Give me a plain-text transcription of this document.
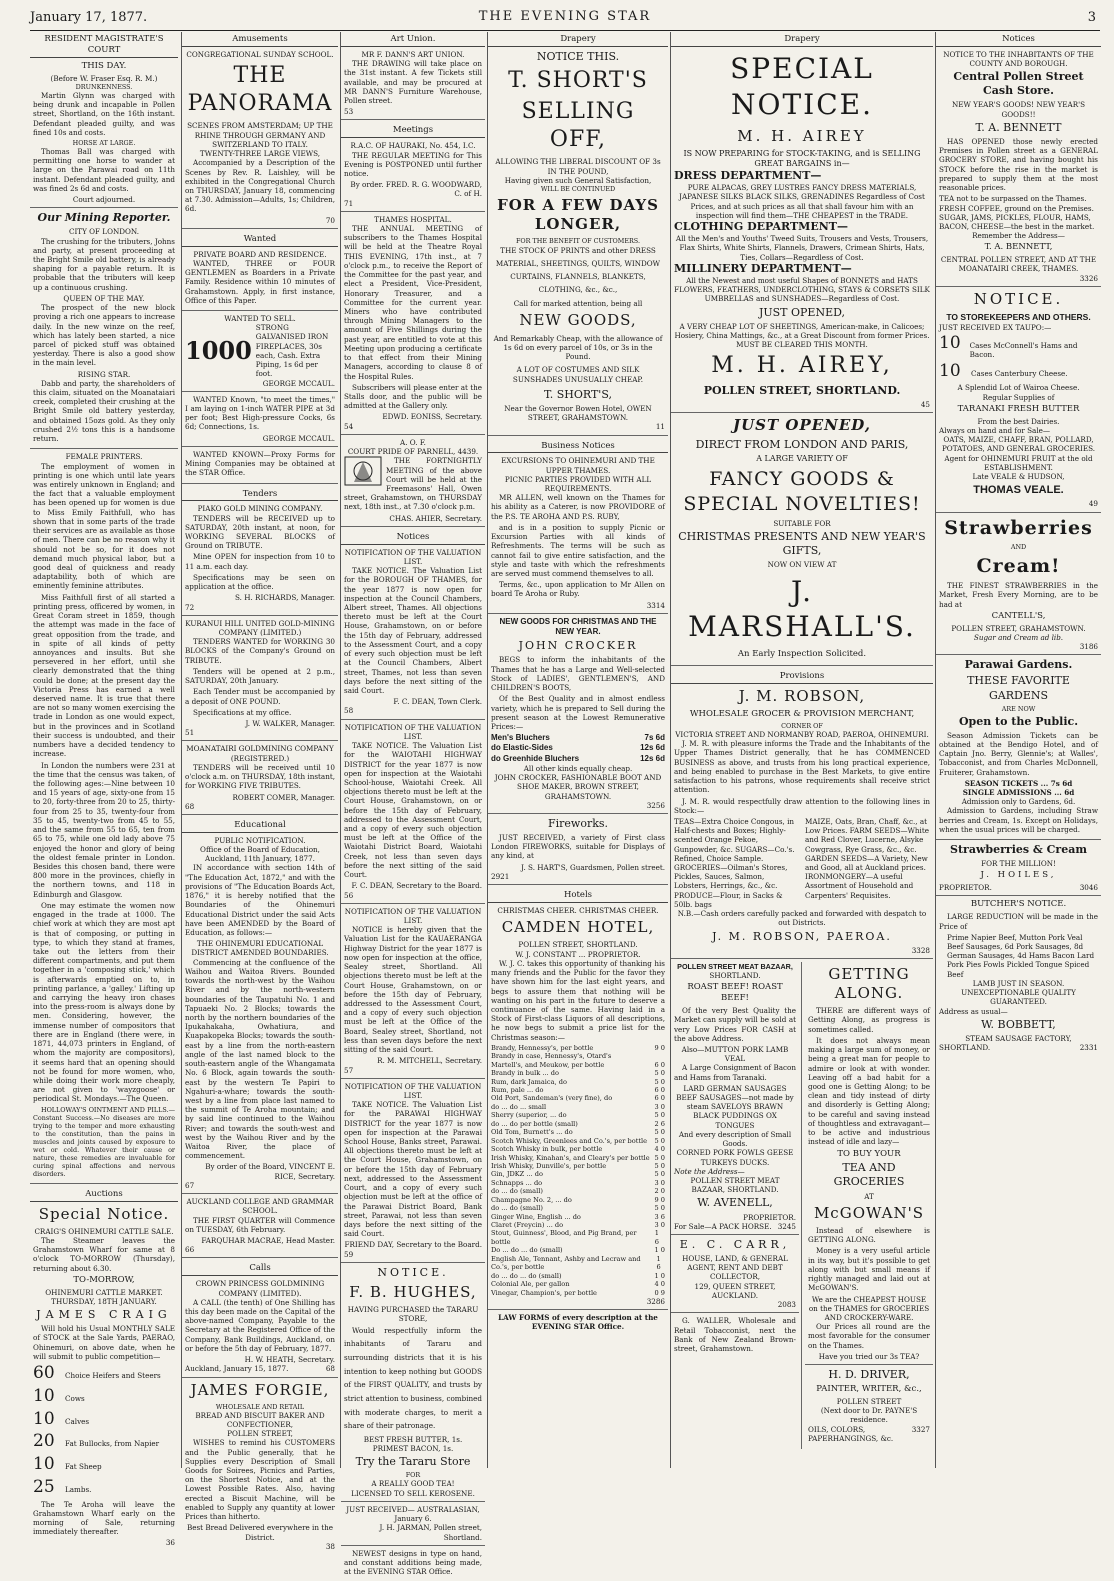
January 17, 1877.	THE EVENING STAR	3
RESIDENT MAGISTRATE'S COURT
THIS DAY.
(Before W. Fraser Esq. R. M.)
DRUNKENNESS.

Martin Glynn was charged with being drunk and incapable in Pollen street, Shortland, on the 16th instant. Defendant pleaded guilty, and was fined 10s and costs.

HORSE AT LARGE.

Thomas Ball was charged with permitting one horse to wander at large on the Parawai road on 11th instant. Defendant pleaded guilty, and was fined 2s 6d and costs.

Court adjourned.
Our Mining Reporter.
CITY OF LONDON.

The crushing for the tributers, Johns and party, at present proceeding at the Bright Smile old battery, is already shaping for a payable return. It is probable that the tributers will keep up a continuous crushing.

QUEEN OF THE MAY.

The prospect of the new block proving a rich one appears to increase daily. In the new winze on the reef, which has lately been started, a nice parcel of picked stuff was obtained yesterday. There is also a good show in the main level.

RISING STAR.

Dabb and party, the shareholders of this claim, situated on the Moanataiari creek, completed their crushing at the Bright Smile old battery yesterday, and obtained 15ozs gold. As they only crushed 2½ tons this is a handsome return.

FEMALE PRINTERS.

The employment of women in printing is one which until late years was entirely unknown in England; and the fact that a valuable employment has been opened up for women is due to Miss Emily Faithfull, who has shown that in some parts of the trade their services are as available as those of men. There can be no reason why it should not be so, for it does not demand much physical labor, but a good deal of quickness and ready adaptability, both of which are eminently feminine attributes.

Miss Faithfull first of all started a printing press, officered by women, in Great Coram street in 1859, though the attempt was made in the face of great opposition from the trade, and in spite of all kinds of petty annoyances and insults. But she persevered in her effort, until she clearly demonstrated that the thing could be done; at the present day the Victoria Press has earned a well deserved name. It is true that there are not so many women exercising the trade in London as one would expect, but in the provinces and in Scotland their success is undoubted, and their numbers have a decided tendency to increase.

In London the numbers were 231 at the time that the census was taken, of the following ages:—Nine between 10 and 15 years of age, sixty-one from 15 to 20, forty-three from 20 to 25, thirty-four from 25 to 35, twenty-four from 35 to 45, twenty-two from 45 to 55, and the same from 55 to 65, ten from 65 to 75, while one old lady above 75 enjoyed the honor and glory of being the oldest female printer in London. Besides this chosen band, there were 800 more in the provinces, chiefly in the northern towns, and 118 in Edinburgh and Glasgow.

One may estimate the women now engaged in the trade at 1000. The chief work at which they are most apt is that of composing, or putting in type, to which they stand at frames, take out the letters from their different compartments, and put them together in a 'composing stick,' which is afterwards emptied on to, in printing parlance, a 'galley.' Lifting up and carrying the heavy iron chases into the press-room is always done by men. Considering, however, the immense number of compositors that there are in England (there were, in 1871, 44,073 printers in England, of whom the majority are compositors), it seems hard that an opening should not be found for more women, who, while doing their work more cheaply, are not given to 'wayzgoose' or periodical St. Mondays.—The Queen.

HOLLOWAY'S OINTMENT AND PILLS.—Constant Success.—No diseases are more trying to the temper and more exhausting to the constitution, than the pains in muscles and joints caused by exposure to wet or cold. Whatever their cause or nature, these remedies are invaluable for curing spinal affections and nervous disorders.

Auctions
Special Notice.
CRAIG'S OHINEMURI CATTLE SALE.

The Steamer leaves the Grahamstown Wharf for same at 8 o'clock TO-MORROW (Thursday), returning about 6.30.

TO-MORROW,
OHINEMURI CATTLE MARKET.
THURSDAY, 18TH JANUARY.
JAMES CRAIG

Will hold his Usual MONTHLY SALE of STOCK at the Sale Yards, PAERAO, Ohinemuri, on above date, when he will submit to public competition—

60	Choice Heifers and Steers
10	Cows
10	Calves
20	Fat Bullocks, from Napier
10	Fat Sheep
25	Lambs.

The Te Aroha will leave the Grahamstown Wharf early on the morning of Sale, returning immediately thereafter.

36
Amusements
CONGREGATIONAL SUNDAY SCHOOL.
THE PANORAMA
SCENES FROM AMSTERDAM; UP THE RHINE THROUGH GERMANY AND SWITZERLAND TO ITALY.
TWENTY-THREE LARGE VIEWS,

Accompanied by a Description of the Scenes by Rev. R. Laishley, will be exhibited in the Congregational Church on THURSDAY, January 18, commencing at 7.30. Admission—Adults, 1s; Children, 6d.

70
Wanted
PRIVATE BOARD AND RESIDENCE.

WANTED, THREE or FOUR GENTLEMEN as Boarders in a Private Family. Residence within 10 minutes of Grahamstown. Apply, in first instance, Office of this Paper.

WANTED TO SELL.
1000
STRONG GALVANISED IRON FIREPLACES, 30s each, Cash. Extra Piping, 1s 6d per foot.
GEORGE MCCAUL.

WANTED Known, "to meet the times," I am laying on 1-inch WATER PIPE at 3d per foot; Best High-pressure Cocks, 6s 6d; Connections, 1s.

GEORGE MCCAUL.

WANTED KNOWN—Proxy Forms for Mining Companies may be obtained at the STAR Office.

Tenders
PIAKO GOLD MINING COMPANY.

TENDERS will be RECEIVED up to SATURDAY, 20th instant, at noon, for WORKING SEVERAL BLOCKS of Ground on TRIBUTE.

Mine OPEN for inspection from 10 to 11 a.m. each day.

Specifications may be seen on application at the office.

S. H. RICHARDS, Manager.
72
KURANUI HILL UNITED GOLD-MINING COMPANY (LIMITED.)

TENDERS WANTED for WORKING 30 BLOCKS of the Company's Ground on TRIBUTE.

Tenders will be opened at 2 p.m., SATURDAY, 20th January.

Each Tender must be accompanied by a deposit of ONE POUND.

Specifications at my office.

J. W. WALKER, Manager.
51
MOANATAIRI GOLDMINING COMPANY (REGISTERED.)

TENDERS will be received until 10 o'clock a.m. on THURSDAY, 18th instant, for WORKING FIVE TRIBUTES.

ROBERT COMER, Manager.
68
Educational
PUBLIC NOTIFICATION.
Office of the Board of Education, Auckland, 11th January, 1877.

IN accordance with section 14th of "The Education Act, 1872," and with the provisions of "The Education Boards Act, 1876," it is hereby notified that the Boundaries of the Ohinemuri Educational District under the said Acts have been AMENDED by the Board of Education, as follows:—

THE OHINEMURI EDUCATIONAL DISTRICT AMENDED BOUNDARIES.

Commencing at the confluence of the Waihou and Waitoa Rivers. Bounded towards the north-west by the Waihou River and by the north-western boundaries of the Taupatuhi No. 1 and Tapuaeki No. 2 Blocks; towards the north by the northern boundaries of the Ipukahakaha, Owhatiura, and Kuapakopeka Blocks; towards the south-east by a line from the north-eastern angle of the last named block to the south-eastern angle of the Whangamata No. 6 Block, again towards the south-east by the western Te Papiri to Ngahuri-a-whare; towards the south-west by a line from place last named to the summit of Te Aroha mountain; and by said line continued to the Waihou River; and towards the south-west and west by the Waihou River and by the Waitoa River, the place of commencement.

By order of the Board, VINCENT E. RICE, Secretary.
67
AUCKLAND COLLEGE AND GRAMMAR SCHOOL.

THE FIRST QUARTER will Commence on TUESDAY, 6th February.

FARQUHAR MACRAE, Head Master.
66
Calls
CROWN PRINCESS GOLDMINING COMPANY (LIMITED).

A CALL (the tenth) of One Shilling has this day been made on the Capital of the above-named Company, Payable to the Secretary at the Registered Office of the Company, Bank Buildings, Auckland, on or before the 5th day of February, 1877.

H. W. HEATH, Secretary.
Auckland, January 15, 1877.	68
JAMES FORGIE,
WHOLESALE AND RETAIL
BREAD AND BISCUIT BAKER AND CONFECTIONER,
POLLEN STREET,

WISHES to remind his CUSTOMERS and the Public generally, that he Supplies every Description of Small Goods for Soirees, Picnics and Parties, on the Shortest Notice, and at the Lowest Possible Rates. Also, having erected a Biscuit Machine, will be enabled to Supply any quantity at lower Prices than hitherto.

Best Bread Delivered everywhere in the District.
38
Art Union.
MR F. DANN'S ART UNION.

THE DRAWING will take place on the 31st instant. A few Tickets still available, and may be procured at MR DANN'S Furniture Warehouse, Pollen street.

53
Meetings
R.A.C. OF HAURAKI, No. 454, I.C.

THE REGULAR MEETING for This Evening is POSTPONED until further notice.

By order. FRED. R. G. WOODWARD, C. of H.
71
THAMES HOSPITAL.

THE ANNUAL MEETING of subscribers to the Thames Hospital will be held at the Theatre Royal THIS EVENING, 17th inst., at 7 o'clock p.m., to receive the Report of the Committee for the past year, and elect a President, Vice-President, Honorary Treasurer, and a Committee for the current year. Miners who have contributed through Mining Managers to the amount of Five Shillings during the past year, are entitled to vote at this Meeting upon producing a certificate to that effect from their Mining Managers, according to clause 8 of the Hospital Rules.

Subscribers will please enter at the Stalls door, and the public will be admitted at the Gallery only.

EDWD. EONISS, Secretary.
54
A. O. F.
COURT PRIDE OF PARNELL, 4439.

THE FORTNIGHTLY MEETING of the above Court will be held at the Freemasons' Hall, Owen street, Grahamstown, on THURSDAY next, 18th inst., at 7.30 o'clock p.m.

CHAS. AHIER, Secretary.
Notices
NOTIFICATION OF THE VALUATION LIST.

TAKE NOTICE. The Valuation List for the BOROUGH OF THAMES, for the year 1877 is now open for inspection at the Council Chambers, Albert street, Thames. All objections thereto must be left at the Court House, Grahamstown, on or before the 15th day of February, addressed to the Assessment Court, and a copy of every such objection must be left at the Council Chambers, Albert street, Thames, not less than seven days before the next sitting of the said Court.

F. C. DEAN, Town Clerk.
58
NOTIFICATION OF THE VALUATION LIST.

TAKE NOTICE. The Valuation List for the WAIOTAHI HIGHWAY DISTRICT for the year 1877 is now open for inspection at the Waiotahi School-house, Waiotahi Creek. All objections thereto must be left at the Court House, Grahamstown, on or before the 15th day of February, addressed to the Assessment Court, and a copy of every such objection must be left at the Office of the Waiotahi District Board, Waiotahi Creek, not less than seven days before the next sitting of the said Court.

F. C. DEAN, Secretary to the Board.
56
NOTIFICATION OF THE VALUATION LIST.

NOTICE is hereby given that the Valuation List for the KAUAERANGA Highway District for the year 1877 is now open for inspection at the office, Sealey street, Shortland. All objections thereto must be left at the Court House, Grahamstown, on or before the 15th day of February, addressed to the Assessment Court, and a copy of every such objection must be left at the Office of the Board, Sealey street, Shortland, not less than seven days before the next sitting of the said Court.

R. M. MITCHELL, Secretary.
57
NOTIFICATION OF THE VALUATION LIST.

TAKE NOTICE. The Valuation List for the PARAWAI HIGHWAY DISTRICT for the year 1877 is now open for inspection at the Parawai School House, Banks street, Parawai. All objections thereto must be left at the Court House, Grahamstown, on or before the 15th day of February next, addressed to the Assessment Court, and a copy of every such objection must be left at the office of the Parawai District Board, Bank street, Parawai, not less than seven days before the next sitting of the said Court.

FRIEND DAY, Secretary to the Board.
59
NOTICE.
F. B. HUGHES,
HAVING PURCHASED the TARARU STORE,

Would respectfully inform the inhabitants of Tararu and surrounding districts that it is his intention to keep nothing but GOODS of the FIRST QUALITY, and trusts by strict attention to business, combined with moderate charges, to merit a share of their patronage.

BEST FRESH BUTTER, 1s.
PRIMEST BACON, 1s.
Try the Tararu Store
FOR
A REALLY GOOD TEA!
LICENSED TO SELL KEROSENE.
JUST RECEIVED— AUSTRALASIAN, January 6.
J. H. JARMAN, Pollen street, Shortland.

NEWEST designs in type on hand, and constant additions being made, at the EVENING STAR Office.

Drapery
NOTICE THIS.
T. SHORT'S
SELLING OFF,
ALLOWING THE LIBERAL DISCOUNT OF 3s IN THE POUND,
Having given such General Satisfaction,
WILL BE CONTINUED
FOR A FEW DAYS LONGER,
FOR THE BENEFIT OF CUSTOMERS.

THE STOCK OF PRINTS and other DRESS MATERIAL, SHEETINGS, QUILTS, WINDOW CURTAINS, FLANNELS, BLANKETS, CLOTHING, &c., &c.,

Call for marked attention, being all
NEW GOODS,
And Remarkably Cheap, with the allowance of 1s 6d on every parcel of 10s, or 3s in the Pound.
A LOT OF COSTUMES AND SILK SUNSHADES UNUSUALLY CHEAP.
T. SHORT'S,
Near the Governor Bowen Hotel, OWEN STREET, GRAHAMSTOWN.
11
Business Notices
EXCURSIONS TO OHINEMURI AND THE UPPER THAMES.
PICNIC PARTIES PROVIDED WITH ALL REQUIREMENTS.

MR ALLEN, well known on the Thames for his ability as a Caterer, is now PROVIDORE of the P.S. TE AROHA AND P.S. RUBY,

and is in a position to supply Picnic or Excursion Parties with all kinds of Refreshments. The terms will be such as cannot fail to give entire satisfaction, and the style and taste with which the refreshments are served must commend themselves to all.

Terms, &c., upon application to Mr Allen on board Te Aroha or Ruby.

3314
NEW GOODS FOR CHRISTMAS AND THE NEW YEAR.
JOHN CROCKER

BEGS to inform the inhabitants of the Thames that he has a Large and Well-selected Stock of LADIES', GENTLEMEN'S, AND CHILDREN'S BOOTS,

Of the Best Quality and in almost endless variety, which he is prepared to Sell during the present season at the Lowest Remunerative Prices:—

Men's Bluchers	7s 6d
do Elastic-Sides	12s 6d
do Greenhide Bluchers	12s 6d
All other kinds equally cheap.
JOHN CROCKER, FASHIONABLE BOOT AND SHOE MAKER, BROWN STREET, GRAHAMSTOWN.
3256
Fireworks.

JUST RECEIVED, a variety of First class London FIREWORKS, suitable for Displays of any kind, at

J. S. HART'S, Guardsmen, Pollen street.
2921
Hotels
CHRISTMAS CHEER. CHRISTMAS CHEER.
CAMDEN HOTEL,
POLLEN STREET, SHORTLAND.
W. J. CONSTANT ... PROPRIETOR.

W. J. C. takes this opportunity of thanking his many friends and the Public for the favor they have shown him for the last eight years, and begs to assure them that nothing will be wanting on his part in the future to deserve a continuance of the same. Having laid in a Stock of First-class Liquors of all descriptions, he now begs to submit a price list for the Christmas season:—

Brandy, Hennessy's, per bottle	9 0
Brandy in case, Hennessy's, Otard's
Martell's, and Meukow, per bottle	6 0
Brandy in bulk ... do	5 0
Rum, dark Jamaica, do	5 0
Rum, pale ... do	6 0
Old Port, Sandeman's (very fine), do	6 0
do ... do ... small	3 0
Sherry (superior, ... do	5 0
do ... do per bottle (small)	2 6
Old Tom, Burnett's ... do	5 0
Scotch Whisky, Greenlees and Co.'s, per bottle 5 0
Scotch Whisky in bulk, per bottle	4 0
Irish Whisky, Kinahan's, and Cleary's per bottle 5 0
Irish Whisky, Dunville's, per bottle	5 0
Gin, JDKZ ... do	5 0
Schnapps ... do	3 0
do ... do (small)	2 0
Champagne No. 2, ... do	9 0
do ... do (small)	5 0
Ginger Wine, English ... do	3 6
Claret (Freycin) ... do	3 0
Stout, Guinness', Blood, and Pig Brand, per bottle
1 6
Do ... do ... do (small)	1 0
English Ale, Tennant, Ashby and Lecraw and Co.'s, per bottle
1 6
do ... do ... do (small)	1 0
Colonial Ale, per gallon	4 0
Vinegar, Champion's, per bottle	0 9
3286
LAW FORMS of every description at the EVENING STAR Office.
Drapery
SPECIAL NOTICE.
M. H. AIREY
IS NOW PREPARING for STOCK-TAKING, and is SELLING GREAT BARGAINS in—
DRESS DEPARTMENT—
PURE ALPACAS, GREY LUSTRES FANCY DRESS MATERIALS, JAPANESE SILKS BLACK SILKS, GRENADINES Regardless of Cost Prices, and at such prices as all that shall favour him with an inspection will find them—THE CHEAPEST in the TRADE.
CLOTHING DEPARTMENT—
All the Men's and Youths' Tweed Suits, Trousers and Vests, Trousers, Flax Shirts, White Shirts, Flannels, Drawers, Crimean Shirts, Hats, Ties, Collars—Regardless of Cost.
MILLINERY DEPARTMENT—
All the Newest and most useful Shapes of BONNETS and HATS FLOWERS, FEATHERS, UNDERCLOTHING, STAYS & CORSETS SILK UMBRELLAS and SUNSHADES—Regardless of Cost.
JUST OPENED,
A VERY CHEAP LOT OF SHEETINGS, American-make, in Calicoes; Hosiery, China Mattings, &c., at a Great Discount from former Prices.
MUST BE CLEARED THIS MONTH.
M. H. AIREY,
POLLEN STREET, SHORTLAND.
45
JUST OPENED,
DIRECT FROM LONDON AND PARIS,
A LARGE VARIETY OF
FANCY GOODS & SPECIAL NOVELTIES!
SUITABLE FOR
CHRISTMAS PRESENTS AND NEW YEAR'S GIFTS,
NOW ON VIEW AT
J. MARSHALL'S.
An Early Inspection Solicited.
Provisions
J. M. ROBSON,
WHOLESALE GROCER & PROVISION MERCHANT,
CORNER OF
VICTORIA STREET AND NORMANBY ROAD, PAEROA, OHINEMURI.

J. M. R. with pleasure informs the Trade and the Inhabitants of the Upper Thames District generally, that he has COMMENCED BUSINESS as above, and trusts from his long practical experience, and being enabled to purchase in the Best Markets, to give entire satisfaction to his patrons, whose requirements shall receive strict attention.

J. M. R. would respectfully draw attention to the following lines in Stock:—

TEAS—Extra Choice Congous, in Half-chests and Boxes; Highly-scented Orange Pekoe, Gunpowder, &c. SUGARS—Co.'s. Refined, Choice Sample. GROCERIES—Oilman's Stores, Pickles, Sauces, Salmon, Lobsters, Herrings, &c., &c. PRODUCE—Flour, in Sacks & 50lb. bags
MAIZE, Oats, Bran, Chaff, &c., at Low Prices. FARM SEEDS—White and Red Clover, Lucerne, Alsyke Cowgrass, Rye Grass, &c., &c. GARDEN SEEDS—A Variety, New and Good, all at Auckland prices. IRONMONGERY—A useful Assortment of Household and Carpenters' Requisites.
N.B.—Cash orders carefully packed and forwarded with despatch to out Districts.
J. M. ROBSON, PAEROA.
3328
POLLEN STREET MEAT BAZAAR,
SHORTLAND.
ROAST BEEF! ROAST BEEF!

Of the very Best Quality the Market can supply will be sold at very Low Prices FOR CASH at the above Address.

Also—MUTTON PORK LAMB VEAL

A Large Consignment of Bacon and Hams from Taranaki.

LARD GERMAN SAUSAGES BEEF SAUSAGES—not made by steam SAVELOYS BRAWN BLACK PUDDINGS OX TONGUES
And every description of Small Goods.
CORNED PORK FOWLS GEESE TURKEYS DUCKS.
Note the Address—
POLLEN STREET MEAT BAZAAR, SHORTLAND.
W. AVENELL,
PROPRIETOR.
For Sale—A PACK HORSE. 3245
E. C. CARR,
HOUSE, LAND, & GENERAL AGENT, RENT AND DEBT COLLECTOR,
129, QUEEN STREET, AUCKLAND.
2083

G. WALLER, Wholesale and Retail Tobacconist, next the Bank of New Zealand Brown-street, Grahamstown.

GETTING ALONG.

THERE are different ways of Getting Along, as progress is sometimes called.

It does not always mean making a large sum of money, or being a great man for people to admire or look at with wonder. Leaving off a bad habit for a good one is Getting Along; to be clean and tidy instead of dirty and disorderly is Getting Along; to be careful and saving instead of thoughtless and extravagant—to be active and industrious instead of idle and lazy—

TO BUY YOUR
TEA AND GROCERIES
AT
McGOWAN'S

Instead of elsewhere is GETTING ALONG.

Money is a very useful article in its way, but it's possible to get along with but small means if rightly managed and laid out at McGOWAN'S.

We are the CHEAPEST HOUSE on the THAMES for GROCERIES AND CROCKERY-WARE.

Our Prices all round are the most favorable for the consumer on the Thames.

Have you tried our 3s TEA?
H. D. DRIVER,
PAINTER, WRITER, &c.,
POLLEN STREET
(Next door to Dr. PAYNE'S residence.
OILS, COLORS, PAPERHANGINGS, &c.
3327
Notices
NOTICE TO THE INHABITANTS OF THE COUNTY AND BOROUGH.
Central Pollen Street Cash Store.
NEW YEAR'S GOODS! NEW YEAR'S GOODS!!
T. A. BENNETT

HAS OPENED those newly erected Premises in Pollen street as a GENERAL GROCERY STORE, and having bought his STOCK before the rise in the market is prepared to supply them at the most reasonable prices.

TEA not to be surpassed on the Thames.
FRESH COFFEE, ground on the Premises.
SUGAR, JAMS, PICKLES, FLOUR, HAMS, BACON, CHEESE—the best in the market.
Remember the Address—
T. A. BENNETT,
CENTRAL POLLEN STREET, AND AT THE MOANATAIRI CREEK, THAMES.
3326
NOTICE.
TO STOREKEEPERS AND OTHERS.
JUST RECEIVED EX TAUPO:—
10	Cases McConnell's Hams and Bacon.
10	Cases Canterbury Cheese.
A Splendid Lot of Wairoa Cheese.
Regular Supplies of
TARANAKI FRESH BUTTER
From the best Dairies.
Always on hand and for Sale—
OATS, MAIZE, CHAFF, BRAN, POLLARD, POTATOES, AND GENERAL GROCERIES.
Agent for OHINEMURI FRUIT at the old ESTABLISHMENT.
Late VEALE & HUDSON,
THOMAS VEALE.
49
Strawberries
AND
Cream!

THE FINEST STRAWBERRIES in the Market, Fresh Every Morning, are to be had at

CANTELL'S,
POLLEN STREET, GRAHAMSTOWN.
Sugar and Cream ad lib.
3186
Parawai Gardens.
THESE FAVORITE GARDENS
ARE NOW
Open to the Public.

Season Admission Tickets can be obtained at the Bendigo Hotel, and of Captain Jno. Berry, Glennie's; at Walles', Tobacconist, and from Charles McDonnell, Fruiterer, Grahamstown.

SEASON TICKETS ... 7s 6d
SINGLE ADMISSIONS ... 6d
Admission only to Gardens, 6d.

Admission to Gardens, including Straw berries and Cream, 1s. Except on Holidays, when the usual prices will be charged.

Strawberries & Cream
FOR THE MILLION!
J. HOILES,
PROPRIETOR.	3046
BUTCHER'S NOTICE.

LARGE REDUCTION will be made in the Price of

Prime Napier Beef, Mutton Pork Veal Beef Sausages, 6d Pork Sausages, 8d German Sausages, 4d Hams Bacon Lard Pork Pies Fowls Pickled Tongue Spiced Beef
LAMB JUST IN SEASON.
UNEXCEPTIONABLE QUALITY GUARANTEED.
Address as usual—
W. BOBBETT,
STEAM SAUSAGE FACTORY,
SHORTLAND.	2331
